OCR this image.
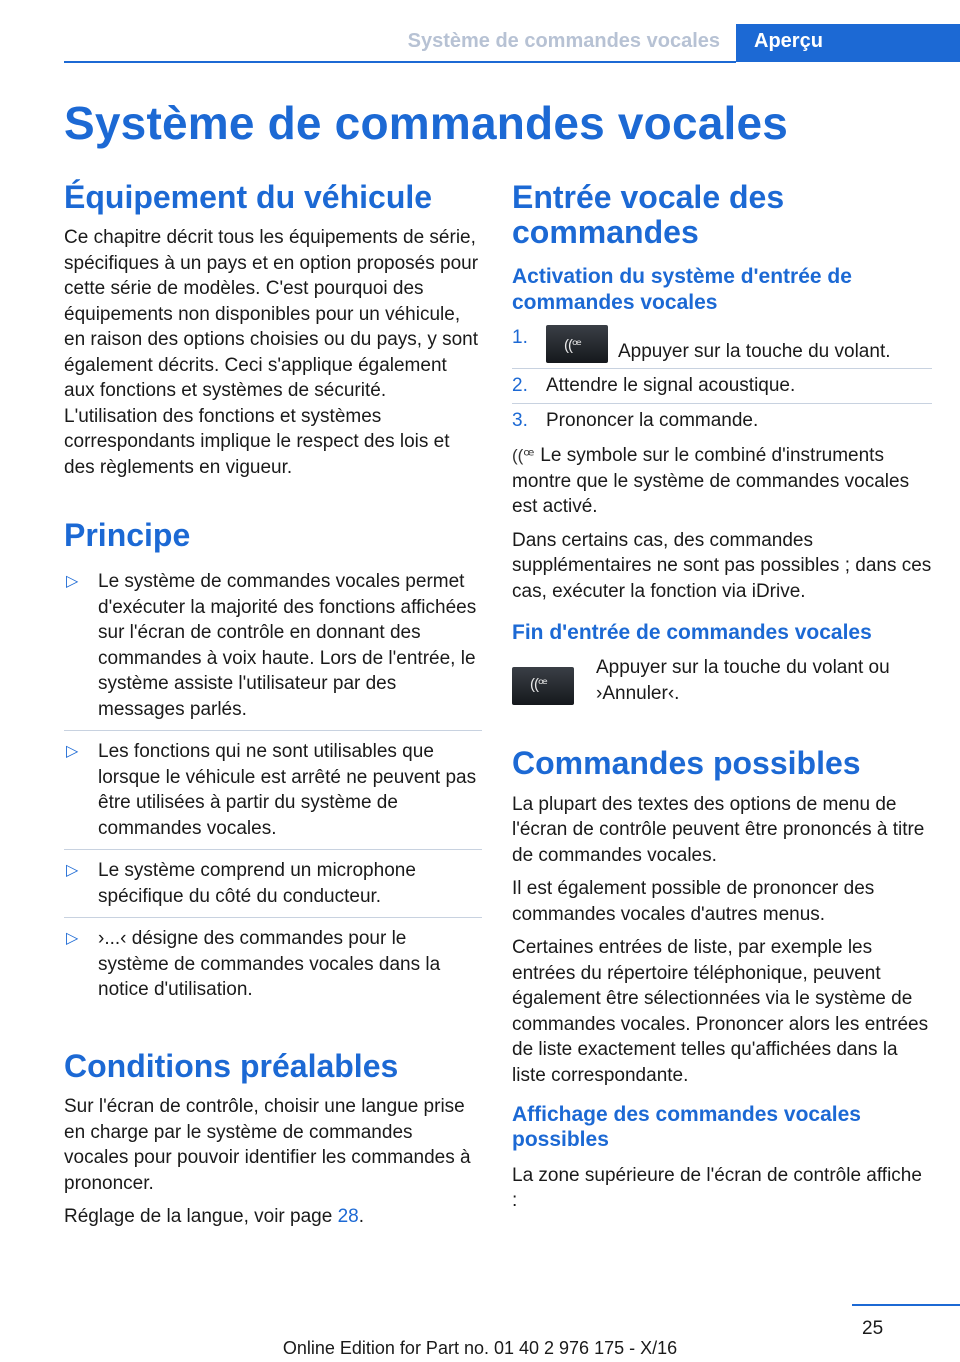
Système de commandes vocales	Aperçu
Système de commandes vocales
Équipement du véhicule

Ce chapitre décrit tous les équipements de série, spécifiques à un pays et en option proposés pour cette série de modèles. C'est pourquoi des équipements non disponibles pour un véhicule, en raison des options choisies ou du pays, y sont également décrits. Ceci s'applique également aux fonctions et systèmes de sécurité. L'utilisation des fonctions et systèmes correspondants implique le respect des lois et des règlements en vigueur.

Principe
▷ Le système de commandes vocales permet d'exécuter la majorité des fonctions affichées sur l'écran de contrôle en donnant des commandes à voix haute. Lors de l'entrée, le système assiste l'utilisateur par des messages parlés.
▷ Les fonctions qui ne sont utilisables que lorsque le véhicule est arrêté ne peuvent pas être utilisées à partir du système de commandes vocales.
▷ Le système comprend un microphone spécifique du côté du conducteur.
▷ ›...‹ désigne des commandes pour le système de commandes vocales dans la notice d'utilisation.
Conditions préalables

Sur l'écran de contrôle, choisir une langue prise en charge par le système de commandes vocales pour pouvoir identifier les commandes à prononcer.

Réglage de la langue, voir page 28.

Entrée vocale des commandes
Activation du système d'entrée de commandes vocales
1. ((ꟹ Appuyer sur la touche du volant.
2. Attendre le signal acoustique.
3. Prononcer la commande.

((ꟹ Le symbole sur le combiné d'instruments montre que le système de commandes vocales est activé.

Dans certains cas, des commandes supplémentaires ne sont pas possibles ; dans ces cas, exécuter la fonction via iDrive.

Fin d'entrée de commandes vocales
((ꟹ

Appuyer sur la touche du volant ou ›Annuler‹.

Commandes possibles

La plupart des textes des options de menu de l'écran de contrôle peuvent être prononcés à titre de commandes vocales.

Il est également possible de prononcer des commandes vocales d'autres menus.

Certaines entrées de liste, par exemple les entrées du répertoire téléphonique, peuvent également être sélectionnées via le système de commandes vocales. Prononcer alors les entrées de liste exactement telles qu'affichées dans la liste correspondante.

Affichage des commandes vocales possibles

La zone supérieure de l'écran de contrôle affiche :

25
Online Edition for Part no. 01 40 2 976 175 - X/16
